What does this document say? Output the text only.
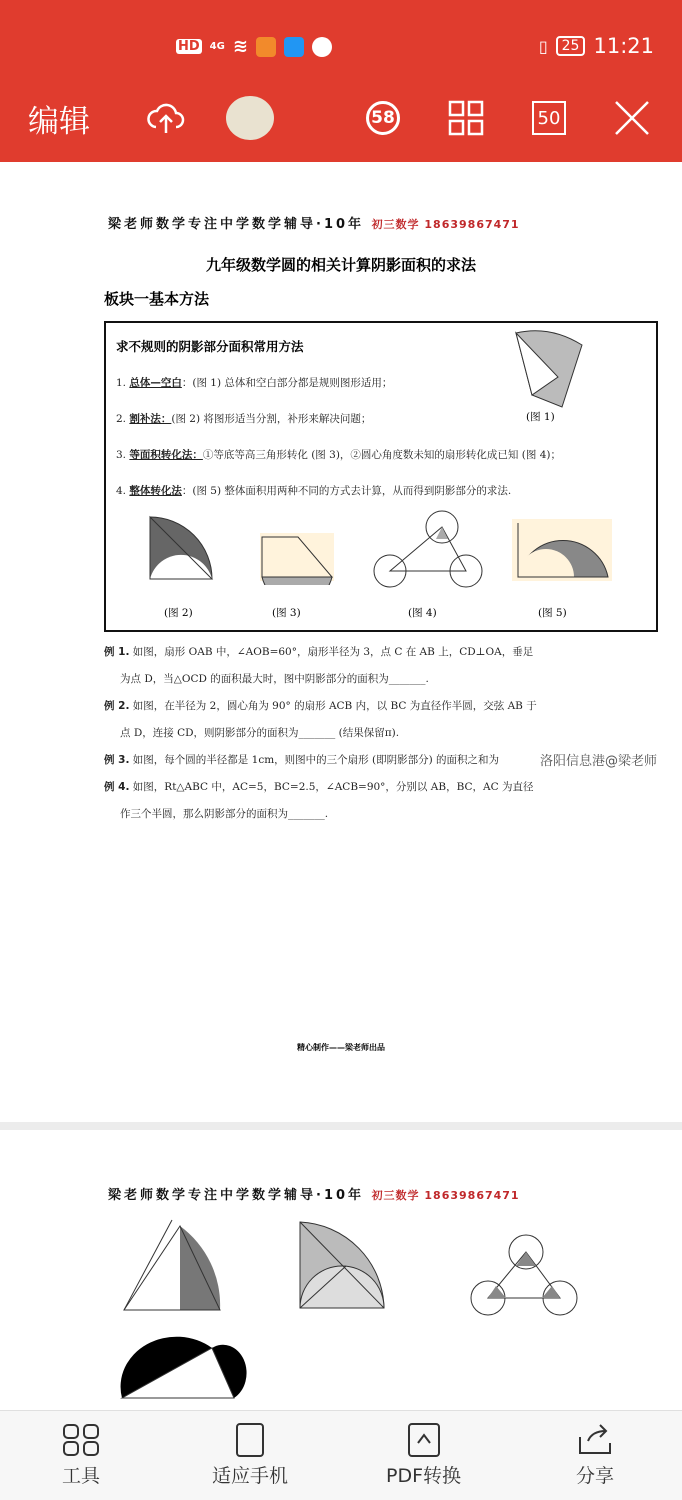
HD 4G ≋	▯	25 11:21
编辑	58	50
梁老师数学专注中学数学辅导·10年 初三数学 18639867471
九年级数学圆的相关计算阴影面积的求法
板块一基本方法
求不规则的阴影部分面积常用方法
1. 总体—空白：(图 1) 总体和空白部分都是规则图形适用；
2. 割补法：(图 2) 将图形适当分割，补形来解决问题；
3. 等面积转化法：①等底等高三角形转化 (图 3)，②圆心角度数未知的扇形转化成已知 (图 4)；
4. 整体转化法：(图 5) 整体面积用两种不同的方式去计算，从而得到阴影部分的求法.
(图 1)
(图 2)	(图 3)	(图 4)	(图 5)
例 1. 如图，扇形 OAB 中，∠AOB=60°，扇形半径为 3，点 C 在 AB 上，CD⊥OA，垂足
为点 D，当△OCD 的面积最大时，图中阴影部分的面积为_______.
例 2. 如图，在半径为 2，圆心角为 90° 的扇形 ACB 内，以 BC 为直径作半圆，交弦 AB 于
点 D，连接 CD，则阴影部分的面积为_______ (结果保留π).
例 3. 如图，每个圆的半径都是 1cm，则图中的三个扇形 (即阴影部分) 的面积之和为
例 4. 如图，Rt△ABC 中，AC=5，BC=2.5，∠ACB=90°，分别以 AB，BC，AC 为直径
作三个半圆，那么阴影部分的面积为_______.
洛阳信息港@梁老师
精心制作——梁老师出品
梁老师数学专注中学数学辅导·10年 初三数学 18639867471
工具	适应手机	PDF转换	分享
